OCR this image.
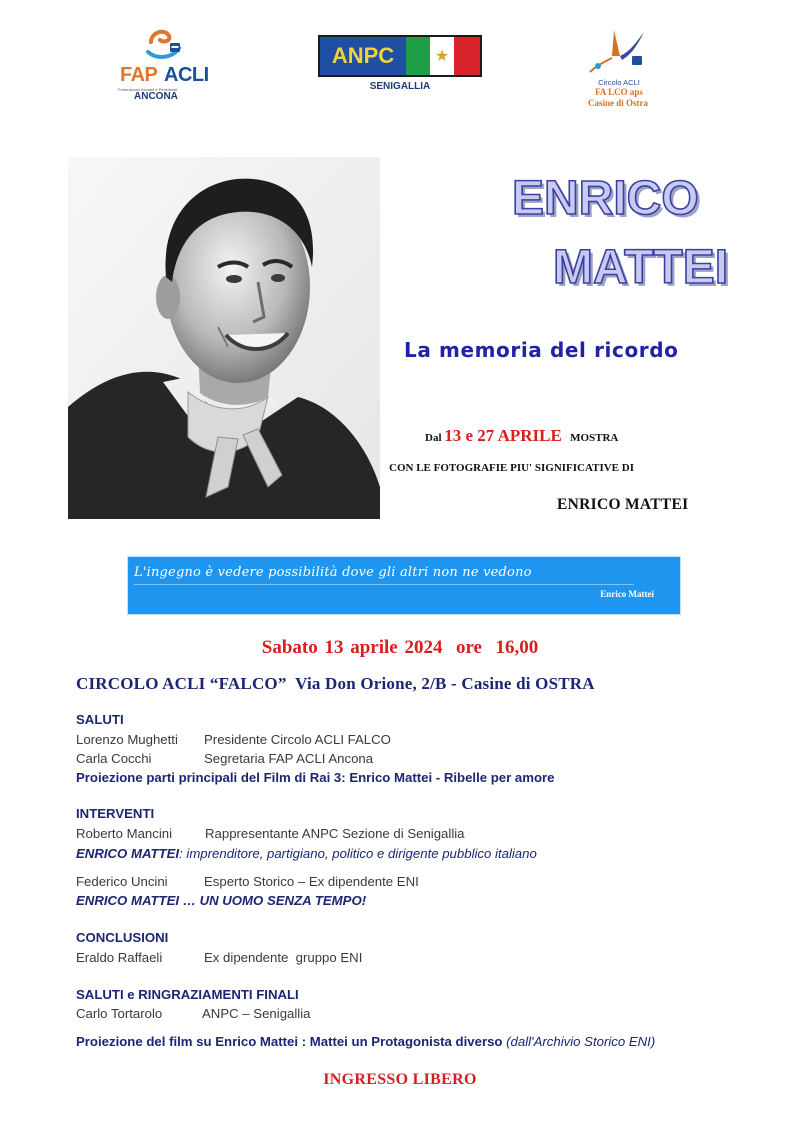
FAP ACLI
Federazione Anziani e Pensionati
ANCONA
ANPC	★
SENIGALLIA	Circolo ACLI
FA LCO aps
Casine di Ostra
ENRICO
MATTEI
La memoria del ricordo
Dal 13 e 27 APRILE MOSTRA
CON LE FOTOGRAFIE PIU' SIGNIFICATIVE DI
ENRICO MATTEI
L'ingegno è vedere possibilità dove gli altri non ne vedono
Enrico Mattei
Sabato 13 aprile 2024  ore  16,00
CIRCOLO ACLI “FALCO”  Via Don Orione, 2/B - Casine di OSTRA
SALUTI
Lorenzo Mughetti Presidente Circolo ACLI FALCO
Carla Cocchi	Segretaria FAP ACLI Ancona
Proiezione parti principali del Film di Rai 3: Enrico Mattei - Ribelle per amore
INTERVENTI
Roberto Mancini Rappresentante ANPC Sezione di Senigallia
ENRICO MATTEI: imprenditore, partigiano, politico e dirigente pubblico italiano
Federico Uncini	Esperto Storico – Ex dipendente ENI
ENRICO MATTEI … UN UOMO SENZA TEMPO!
CONCLUSIONI
Eraldo Raffaeli	Ex dipendente  gruppo ENI
SALUTI e RINGRAZIAMENTI FINALI
Carlo Tortarolo	ANPC – Senigallia
Proiezione del film su Enrico Mattei : Mattei un Protagonista diverso (dall'Archivio Storico ENI)
INGRESSO LIBERO
